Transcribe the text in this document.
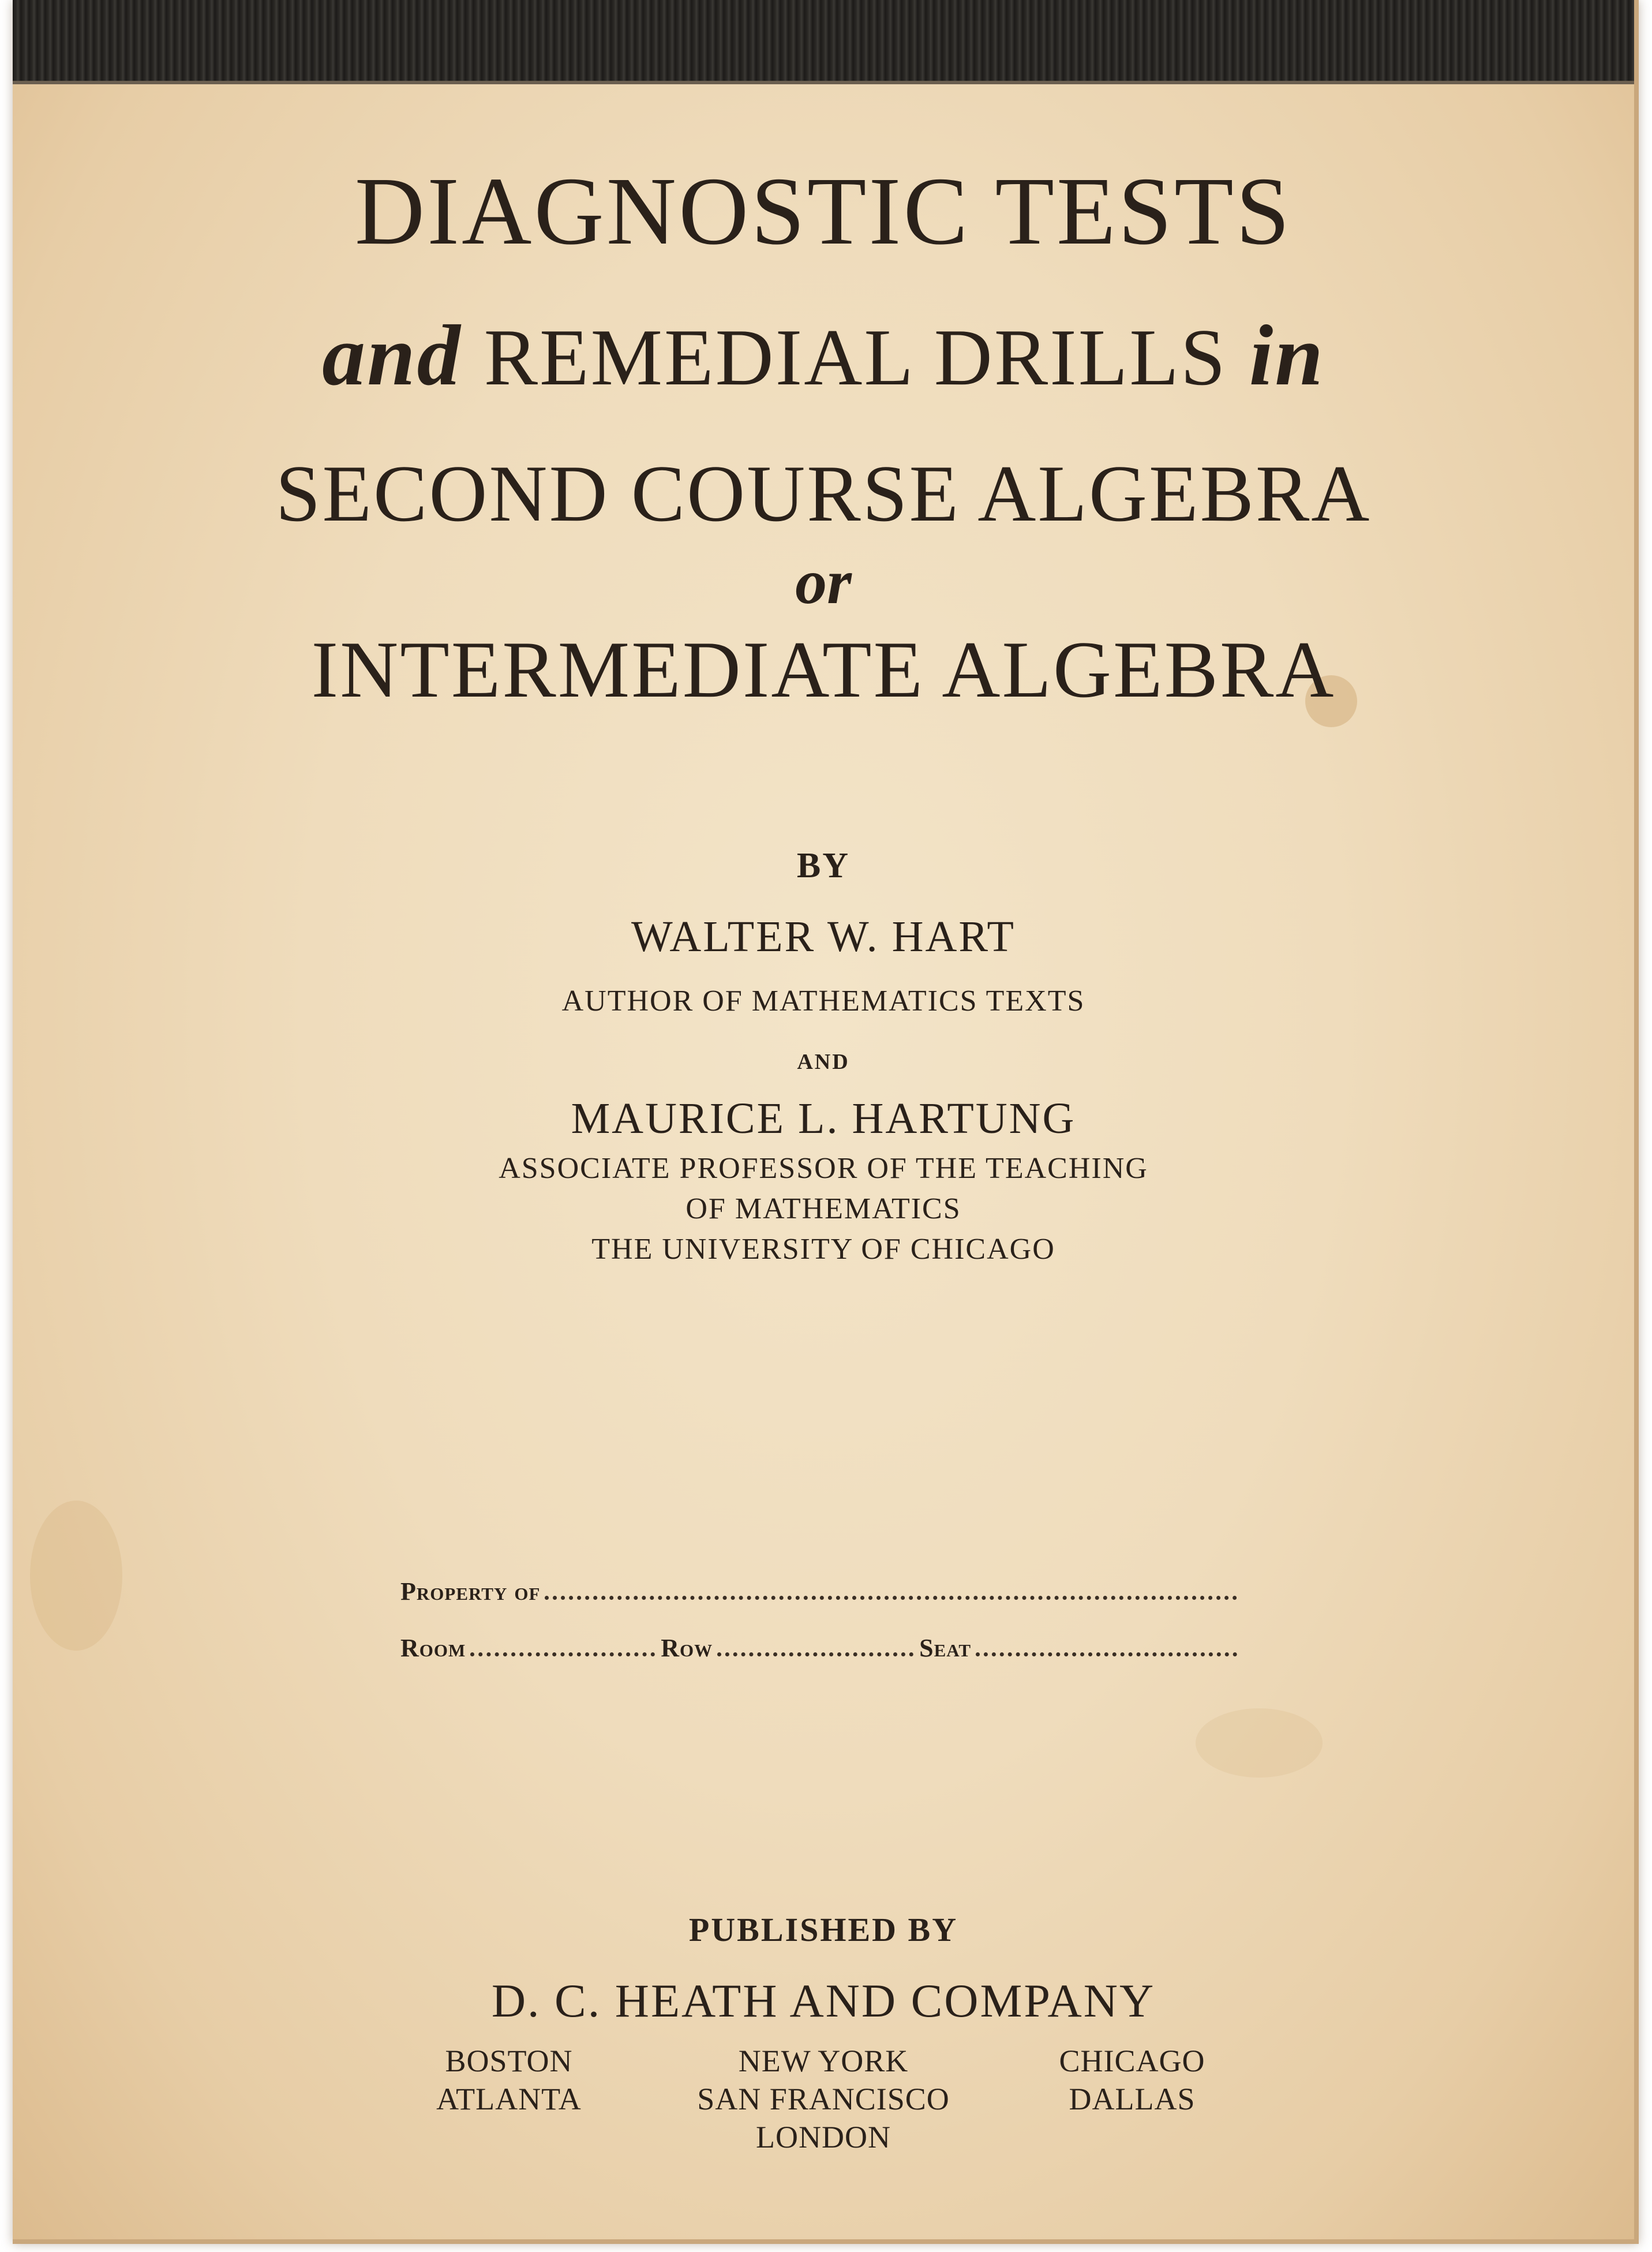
DIAGNOSTIC TESTS
and REMEDIAL DRILLS in
SECOND COURSE ALGEBRA
or
INTERMEDIATE ALGEBRA
BY
WALTER W. HART
AUTHOR OF MATHEMATICS TEXTS
AND
MAURICE L. HARTUNG
ASSOCIATE PROFESSOR OF THE TEACHING
OF MATHEMATICS
THE UNIVERSITY OF CHICAGO
Property of
Room	Row	Seat
PUBLISHED BY
D. C. HEATH AND COMPANY
BOSTON
ATLANTA
NEW YORK
SAN FRANCISCO
LONDON
CHICAGO
DALLAS
